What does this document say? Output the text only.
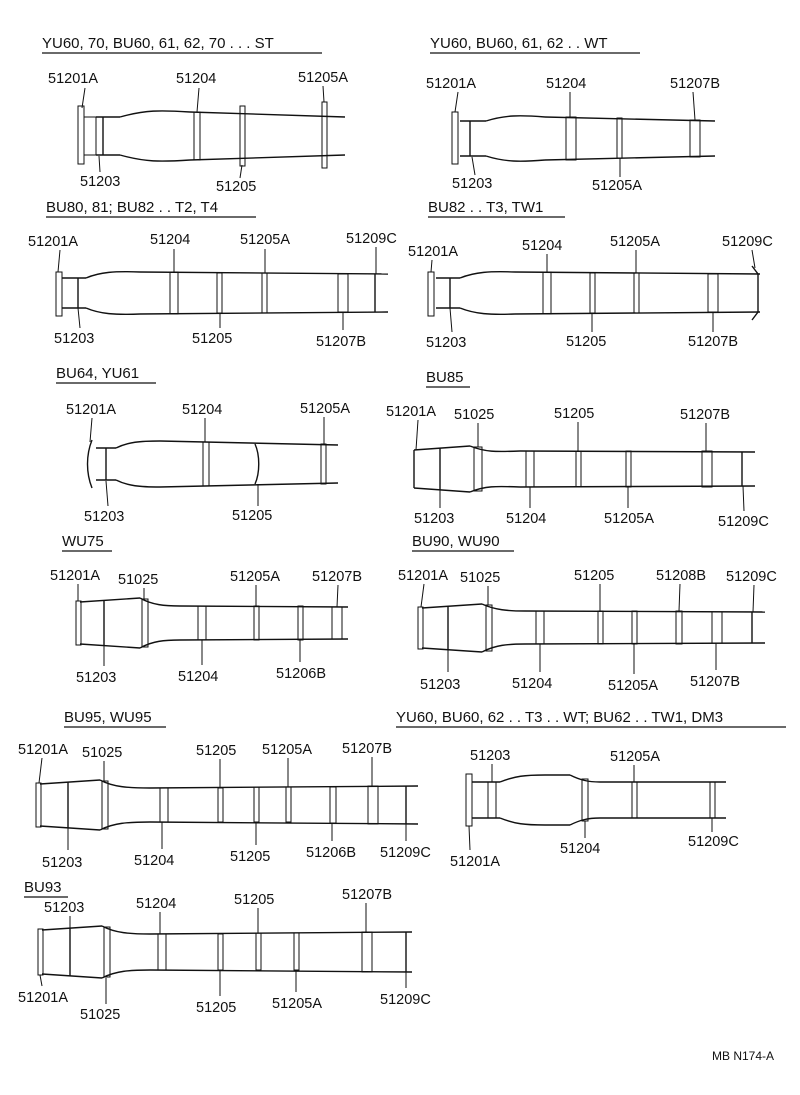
YU60, 70, BU60, 61, 62, 70 . . . ST
51201A	51204	51205A
51203	51205
YU60, BU60, 61, 62 . . WT
51201A	51204	51207B
51203	51205A
BU80, 81; BU82 . . T2, T4
51201A	51204	51205A	51209C
51203	51205	51207B
BU82 . . T3, TW1
51201A	51204	51205A	51209C
51203	51205	51207B
BU64, YU61
51201A	51204	51205A
51203	51205
BU85
51201A 51025	51205	51207B
51203	51204	51205A	51209C
WU75
51201A 51025	51205A 51207B
51203	51204	51206B
BU90, WU90
51201A 51025	51205	51208B 51209C
51203	51204	51205A 51207B
BU95, WU95
51201A 51025	51205 51205A 51207B
51203	51204	51205 51206B 51209C
YU60, BU60, 62 . . T3 . . WT; BU62 . . TW1, DM3
51203	51205A
51201A
51204	51209C
BU93
51203	51204	51205	51207B
51201A
51025	51205 51205A	51209C
MB N174-A
